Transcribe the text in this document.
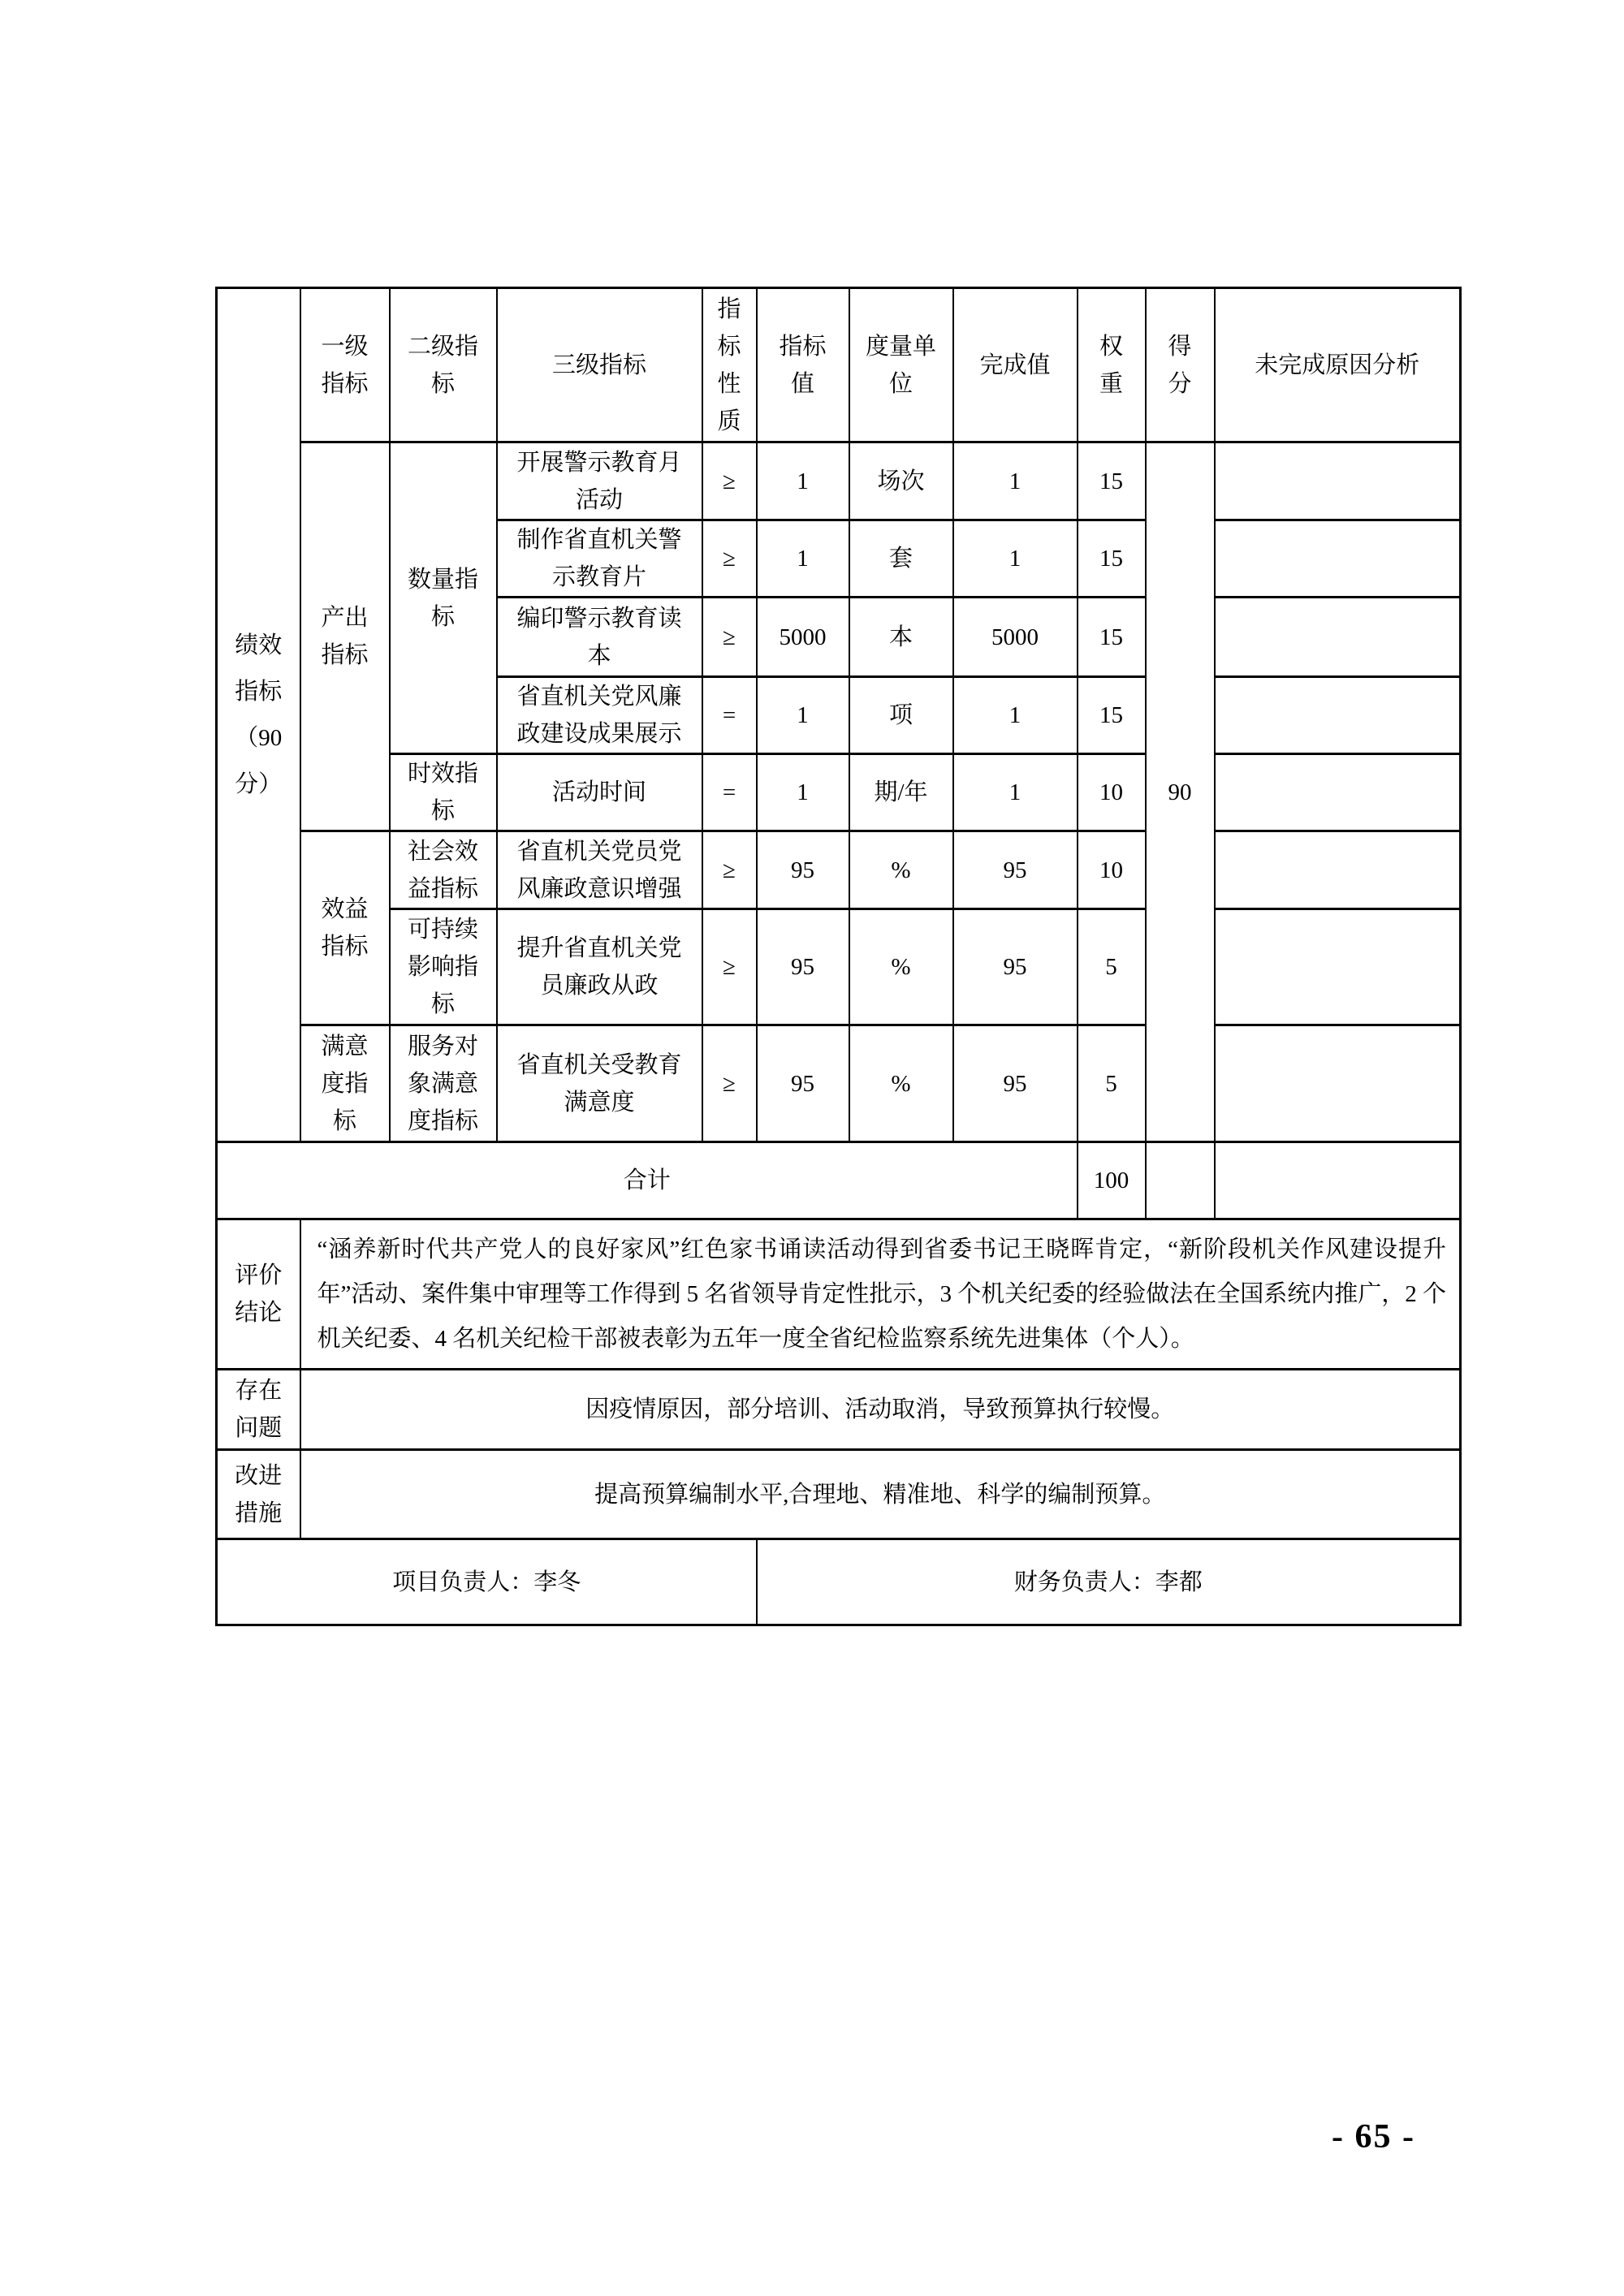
绩效指标（90分）	一级指标	二级指标	三级指标	指标性质	指标值	度量单位	完成值	权重	得分	未完成原因分析

	产出指标	数量指标	开展警示教育月活动	≥	1	场次	1	15	90	

			制作省直机关警示教育片	≥	1	套	1	15		

			编印警示教育读本	≥	5000	本	5000	15		

			省直机关党风廉政建设成果展示	=	1	项	1	15		

		时效指标	活动时间	=	1	期/年	1	10		

	效益指标	社会效益指标	省直机关党员党风廉政意识增强	≥	95	%	95	10		

		可持续影响指标	提升省直机关党员廉政从政	≥	95	%	95	5		

	满意度指标	服务对象满意度指标	省直机关受教育满意度	≥	95	%	95	5		
合计								100		

评价结论	“涵养新时代共产党人的良好家风”红色家书诵读活动得到省委书记王晓晖肯定，“新阶段机关作风建设提升年”活动、案件集中审理等工作得到 5 名省领导肯定性批示，3 个机关纪委的经验做法在全国系统内推广，2 个机关纪委、4 名机关纪检干部被表彰为五年一度全省纪检监察系统先进集体（个人）。									

存在问题	因疫情原因，部分培训、活动取消，导致预算执行较慢。									

改进措施	提高预算编制水平,合理地、精准地、科学的编制预算。									
项目负责人：李冬					财务负责人：李都					
- 65 -
